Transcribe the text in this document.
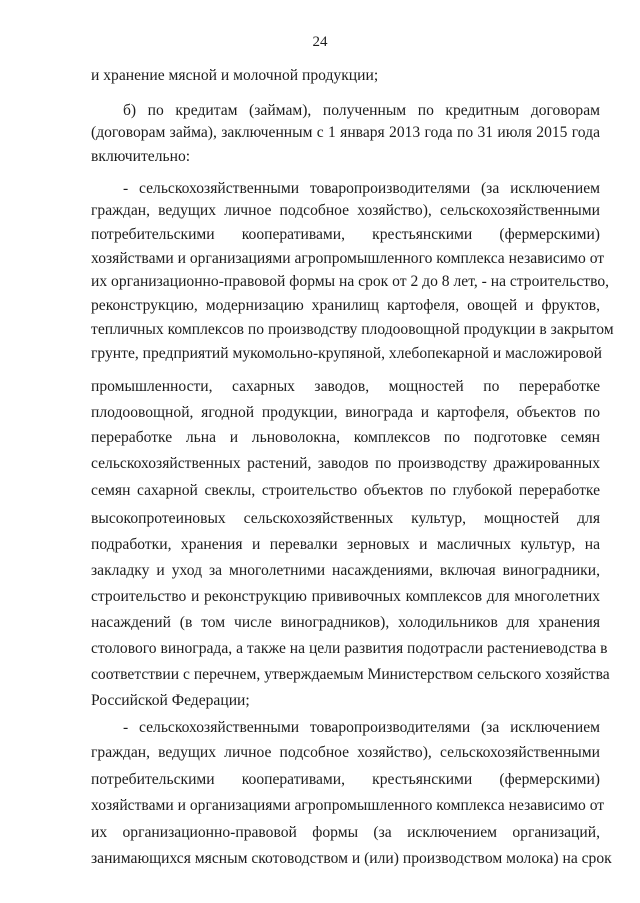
24
и хранение мясной и молочной продукции;
б) по кредитам (займам), полученным по кредитным договорам
(договорам займа), заключенным с 1 января 2013 года по 31 июля 2015 года
включительно:
- сельскохозяйственными товаропроизводителями (за исключением
граждан, ведущих личное подсобное хозяйство), сельскохозяйственными
потребительскими кооперативами, крестьянскими (фермерскими)
хозяйствами и организациями агропромышленного комплекса независимо от
их организационно-правовой формы на срок от 2 до 8 лет, - на строительство,
реконструкцию, модернизацию хранилищ картофеля, овощей и фруктов,
тепличных комплексов по производству плодоовощной продукции в закрытом
грунте, предприятий мукомольно-крупяной, хлебопекарной и масложировой
промышленности, сахарных заводов, мощностей по переработке
плодоовощной, ягодной продукции, винограда и картофеля, объектов по
переработке льна и льноволокна, комплексов по подготовке семян
сельскохозяйственных растений, заводов по производству дражированных
семян сахарной свеклы, строительство объектов по глубокой переработке
высокопротеиновых сельскохозяйственных культур, мощностей для
подработки, хранения и перевалки зерновых и масличных культур, на
закладку и уход за многолетними насаждениями, включая виноградники,
строительство и реконструкцию прививочных комплексов для многолетних
насаждений (в том числе виноградников), холодильников для хранения
столового винограда, а также на цели развития подотрасли растениеводства в
соответствии с перечнем, утверждаемым Министерством сельского хозяйства
Российской Федерации;
- сельскохозяйственными товаропроизводителями (за исключением
граждан, ведущих личное подсобное хозяйство), сельскохозяйственными
потребительскими кооперативами, крестьянскими (фермерскими)
хозяйствами и организациями агропромышленного комплекса независимо от
их организационно-правовой формы (за исключением организаций,
занимающихся мясным скотоводством и (или) производством молока) на срок
